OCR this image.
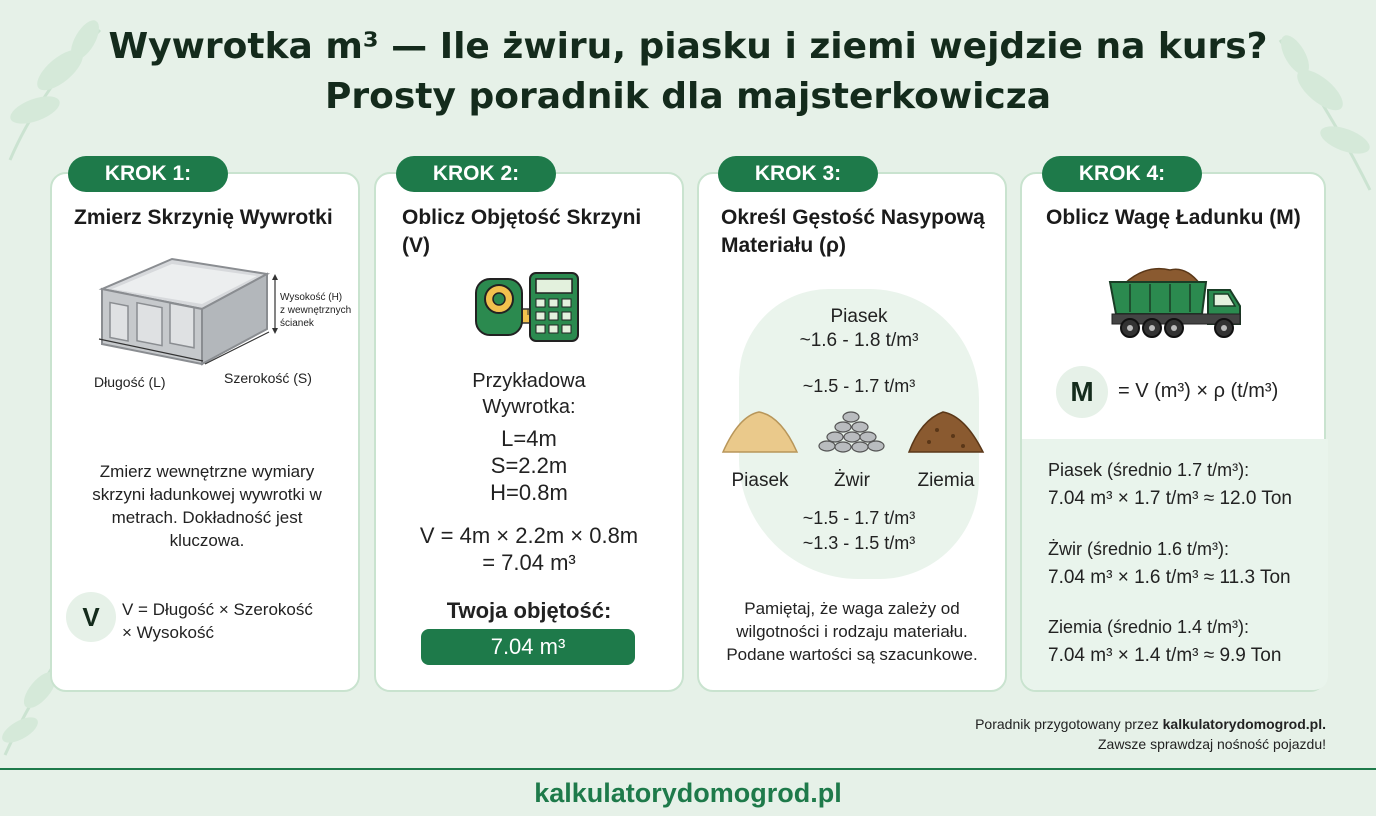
Wywrotka m³ — Ile żwiru, piasku i ziemi wejdzie na kurs?
Prosty poradnik dla majsterkowicza
Zmierz Skrzynię Wywrotki
Wysokość (H)
z wewnętrznych
ścianek
Długość (L)	Szerokość (S)
Zmierz wewnętrzne wymiary
skrzyni ładunkowej wywrotki w
metrach. Dokładność jest
kluczowa.
V	V = Długość × Szerokość
× Wysokość
KROK 1:
Oblicz Objętość Skrzyni
(V)
Przykładowa
Wywrotka:
L=4m
S=2.2m
H=0.8m
V = 4m × 2.2m × 0.8m
= 7.04 m³
Twoja objętość:
7.04 m³
KROK 2:
Określ Gęstość Nasypową
Materiału (ρ)
Piasek
~1.6 - 1.8 t/m³
~1.5 - 1.7 t/m³
Piasek	Żwir	Ziemia
~1.5 - 1.7 t/m³
~1.3 - 1.5 t/m³
Pamiętaj, że waga zależy od
wilgotności i rodzaju materiału.
Podane wartości są szacunkowe.
KROK 3:
Oblicz Wagę Ładunku (M)
M	= V (m³) × ρ (t/m³)
Piasek (średnio 1.7 t/m³):
7.04 m³ × 1.7 t/m³ ≈ 12.0 Ton
Żwir (średnio 1.6 t/m³):
7.04 m³ × 1.6 t/m³ ≈ 11.3 Ton
Ziemia (średnio 1.4 t/m³):
7.04 m³ × 1.4 t/m³ ≈ 9.9 Ton
KROK 4:
Poradnik przygotowany przez kalkulatorydomogrod.pl.
Zawsze sprawdzaj nośność pojazdu!
kalkulatorydomogrod.pl
